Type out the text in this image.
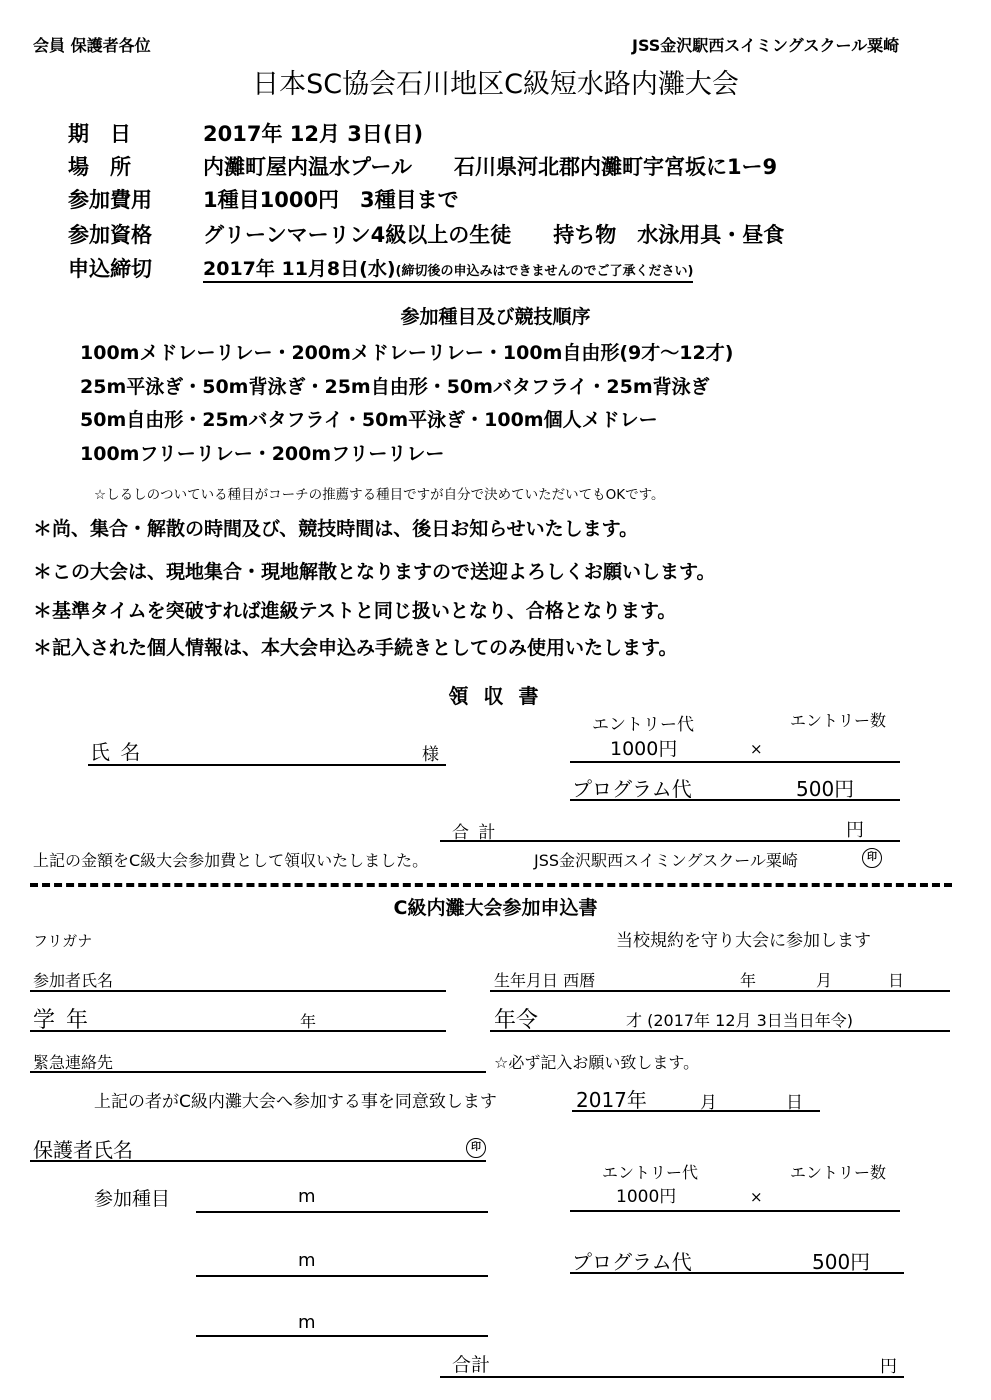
会員 保護者各位	JSS金沢駅西スイミングスクール粟崎
日本SC協会石川地区C級短水路内灘大会
期　日	2017年 12月 3日(日)
場　所	内灘町屋内温水プール　　石川県河北郡内灘町宇宮坂に1ー9
参加費用 1種目1000円　3種目まで
参加資格 グリーンマーリン4級以上の生徒　　持ち物　水泳用具・昼食
申込締切	2017年 11月8日(水)(締切後の申込みはできませんのでご了承ください)
参加種目及び競技順序
100mメドレーリレー・200mメドレーリレー・100m自由形(9才〜12才)
25m平泳ぎ・50m背泳ぎ・25m自由形・50mバタフライ・25m背泳ぎ
50m自由形・25mバタフライ・50m平泳ぎ・100m個人メドレー
100mフリーリレー・200mフリーリレー
☆しるしのついている種目がコーチの推薦する種目ですが自分で決めていただいてもOKです。
＊尚、集合・解散の時間及び、競技時間は、後日お知らせいたします。
＊この大会は、現地集合・現地解散となりますので送迎よろしくお願いします。
＊基準タイムを突破すれば進級テストと同じ扱いとなり、合格となります。
＊記入された個人情報は、本大会申込み手続きとしてのみ使用いたします。
領 収 書
エントリー代	エントリー数
氏 名	様	1000円	×
プログラム代	500円
合 計	円
上記の金額をC級大会参加費として領収いたしました。	JSS金沢駅西スイミングスクール粟崎	印
C級内灘大会参加申込書
フリガナ	当校規約を守り大会に参加します
参加者氏名	生年月日 西暦	年	月	日
学 年	年	年令	才 (2017年 12月 3日当日年令)
緊急連絡先	☆必ず記入お願い致します。
上記の者がC級内灘大会へ参加する事を同意致します	2017年	月	日
保護者氏名	印
エントリー代	エントリー数
参加種目	1000円	×
m
m	プログラム代	500円
m
合計	円
